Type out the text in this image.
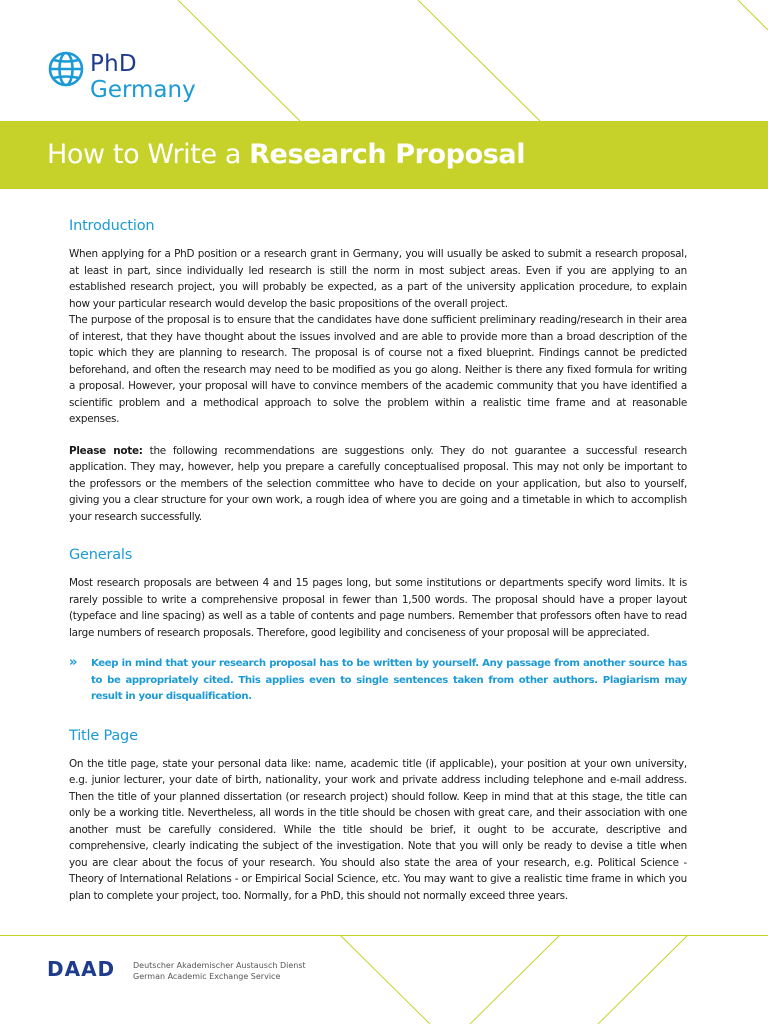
PhD
Germany
How to Write a Research Proposal
Introduction

When applying for a PhD position or a research grant in Germany, you will usually be asked to submit a research proposal, at least in part, since individually led research is still the norm in most subject areas. Even if you are applying to an established research project, you will probably be expected, as a part of the university application procedure, to explain how your particular research would develop the basic propositions of the overall project.

The purpose of the proposal is to ensure that the candidates have done sufficient preliminary reading/research in their area of interest, that they have thought about the issues involved and are able to provide more than a broad description of the topic which they are planning to research. The proposal is of course not a fixed blueprint. Findings cannot be predicted beforehand, and often the research may need to be modified as you go along. Neither is there any fixed formula for writing a proposal. However, your proposal will have to convince members of the academic community that you have identified a scientific problem and a methodical approach to solve the problem within a realistic time frame and at reasonable expenses.

Please note: the following recommendations are suggestions only. They do not guarantee a successful research application. They may, however, help you prepare a carefully conceptualised proposal. This may not only be important to the professors or the members of the selection committee who have to decide on your application, but also to yourself, giving you a clear structure for your own work, a rough idea of where you are going and a timetable in which to accomplish your research successfully.

Generals

Most research proposals are between 4 and 15 pages long, but some institutions or departments specify word limits. It is rarely possible to write a comprehensive proposal in fewer than 1,500 words. The proposal should have a proper layout (typeface and line spacing) as well as a table of contents and page numbers. Remember that professors often have to read large numbers of research proposals. Therefore, good legibility and conciseness of your proposal will be appreciated.

» Keep in mind that your research proposal has to be written by yourself. Any passage from another source has to be appropriately cited. This applies even to single sentences taken from other authors. Plagiarism may result in your disqualification.

Title Page

On the title page, state your personal data like: name, academic title (if applicable), your position at your own university, e.g. junior lecturer, your date of birth, nationality, your work and private address including telephone and e-mail address. Then the title of your planned dissertation (or research project) should follow. Keep in mind that at this stage, the title can only be a working title. Nevertheless, all words in the title should be chosen with great care, and their association with one another must be carefully considered. While the title should be brief, it ought to be accurate, descriptive and comprehensive, clearly indicating the subject of the investigation. Note that you will only be ready to devise a title when you are clear about the focus of your research. You should also state the area of your research, e.g. Political Science - Theory of International Relations - or Empirical Social Science, etc. You may want to give a realistic time frame in which you plan to complete your project, too. Normally, for a PhD, this should not normally exceed three years.

DAAD Deutscher Akademischer Austausch Dienst
German Academic Exchange Service
